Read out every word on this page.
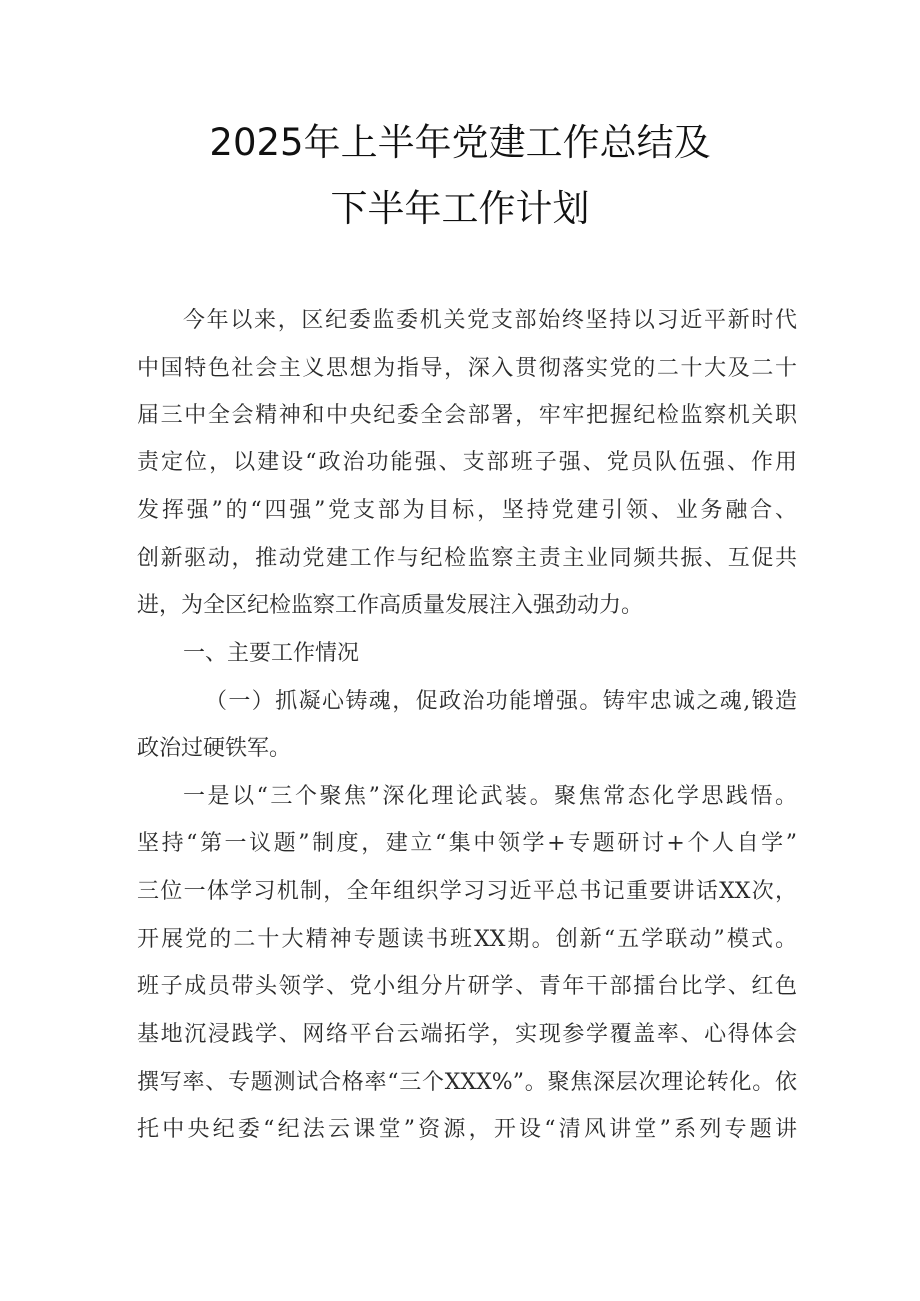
2025年上半年党建工作总结及
下半年工作计划
今年以来，区纪委监委机关党支部始终坚持以习近平新时代
中国特色社会主义思想为指导，深入贯彻落实党的二十大及二十
届三中全会精神和中央纪委全会部署，牢牢把握纪检监察机关职
责定位，以建设“政治功能强、支部班子强、党员队伍强、作用
发挥强”的“四强”党支部为目标，坚持党建引领、业务融合、
创新驱动，推动党建工作与纪检监察主责主业同频共振、互促共
进，为全区纪检监察工作高质量发展注入强劲动力。
一、主要工作情况
（一）抓凝心铸魂，促政治功能增强。铸牢忠诚之魂,锻造
政治过硬铁军。
一是以“三个聚焦”深化理论武装。聚焦常态化学思践悟。
坚持“第一议题”制度，建立“集中领学+专题研讨+个人自学”
三位一体学习机制，全年组织学习习近平总书记重要讲话XX次，
开展党的二十大精神专题读书班XX期。创新“五学联动”模式。
班子成员带头领学、党小组分片研学、青年干部擂台比学、红色
基地沉浸践学、网络平台云端拓学，实现参学覆盖率、心得体会
撰写率、专题测试合格率“三个XXX%”。聚焦深层次理论转化。依
托中央纪委“纪法云课堂”资源，开设“清风讲堂”系列专题讲
